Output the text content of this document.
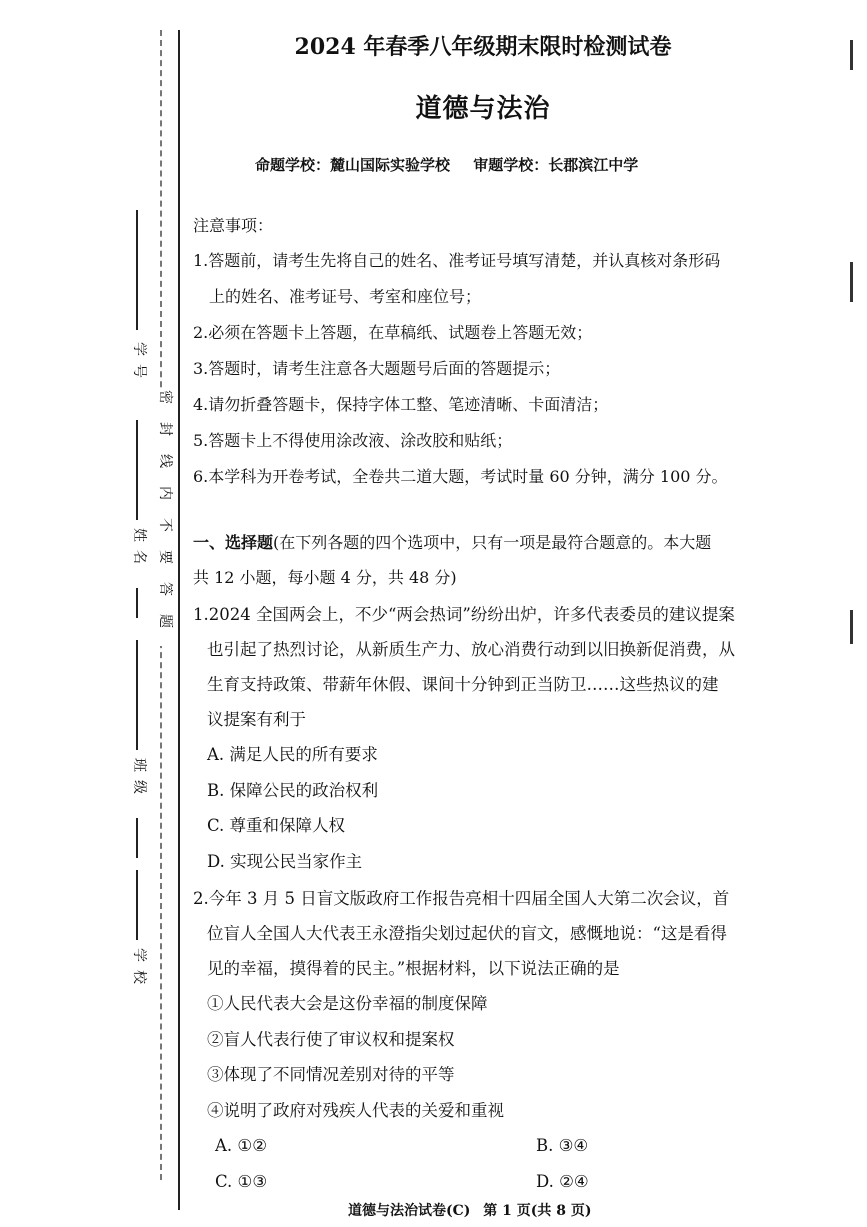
学号
姓名
班级
学校
密封线内不要答题
2024 年春季八年级期末限时检测试卷
道德与法治
命题学校：麓山国际实验学校 审题学校：长郡滨江中学
注意事项：
1.答题前，请考生先将自己的姓名、准考证号填写清楚，并认真核对条形码
上的姓名、准考证号、考室和座位号；
2.必须在答题卡上答题，在草稿纸、试题卷上答题无效；
3.答题时，请考生注意各大题题号后面的答题提示；
4.请勿折叠答题卡，保持字体工整、笔迹清晰、卡面清洁；
5.答题卡上不得使用涂改液、涂改胶和贴纸；
6.本学科为开卷考试，全卷共二道大题，考试时量 60 分钟，满分 100 分。
一、选择题(在下列各题的四个选项中，只有一项是最符合题意的。本大题
共 12 小题，每小题 4 分，共 48 分)
1.2024 全国两会上，不少“两会热词”纷纷出炉，许多代表委员的建议提案
也引起了热烈讨论，从新质生产力、放心消费行动到以旧换新促消费，从
生育支持政策、带薪年休假、课间十分钟到正当防卫……这些热议的建
议提案有利于
A. 满足人民的所有要求
B. 保障公民的政治权利
C. 尊重和保障人权
D. 实现公民当家作主
2.今年 3 月 5 日盲文版政府工作报告亮相十四届全国人大第二次会议，首
位盲人全国人大代表王永澄指尖划过起伏的盲文，感慨地说：“这是看得
见的幸福，摸得着的民主。”根据材料，以下说法正确的是
①人民代表大会是这份幸福的制度保障
②盲人代表行使了审议权和提案权
③体现了不同情况差别对待的平等
④说明了政府对残疾人代表的关爱和重视
A. ①②	B. ③④
C. ①③	D. ②④
道德与法治试卷(C) 第 1 页(共 8 页)
